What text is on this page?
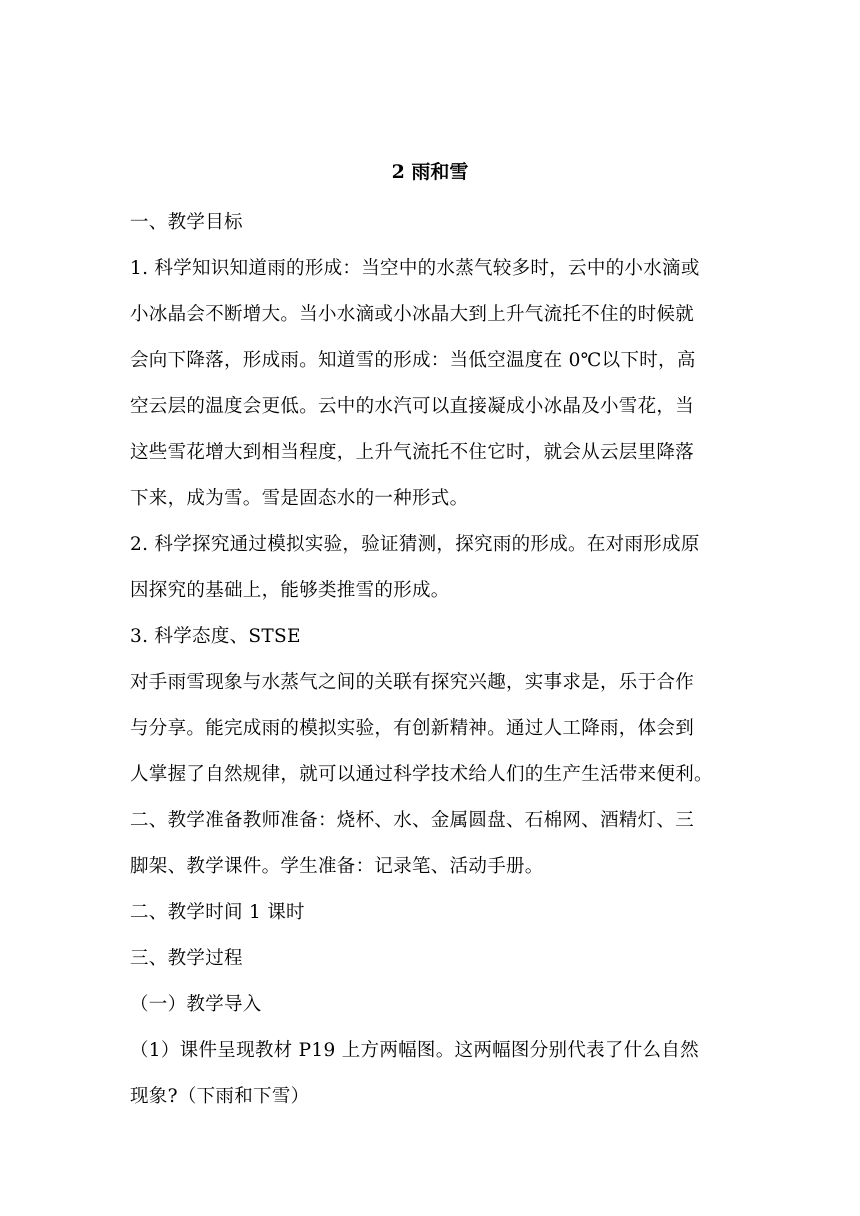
2 雨和雪
一、教学目标
1. 科学知识知道雨的形成：当空中的水蒸气较多时，云中的小水滴或
小冰晶会不断增大。当小水滴或小冰晶大到上升气流托不住的时候就
会向下降落，形成雨。知道雪的形成：当低空温度在 0℃以下时，高
空云层的温度会更低。云中的水汽可以直接凝成小冰晶及小雪花，当
这些雪花增大到相当程度，上升气流托不住它时，就会从云层里降落
下来，成为雪。雪是固态水的一种形式。
2. 科学探究通过模拟实验，验证猜测，探究雨的形成。在对雨形成原
因探究的基础上，能够类推雪的形成。
3. 科学态度、STSE
对手雨雪现象与水蒸气之间的关联有探究兴趣，实事求是，乐于合作
与分享。能完成雨的模拟实验，有创新精神。通过人工降雨，体会到
人掌握了自然规律，就可以通过科学技术给人们的生产生活带来便利。
二、教学准备教师准备：烧杯、水、金属圆盘、石棉网、酒精灯、三
脚架、教学课件。学生准备：记录笔、活动手册。
二、教学时间 1 课时
三、教学过程
（一）教学导入
（1）课件呈现教材 P19 上方两幅图。这两幅图分别代表了什么自然
现象?（下雨和下雪）
